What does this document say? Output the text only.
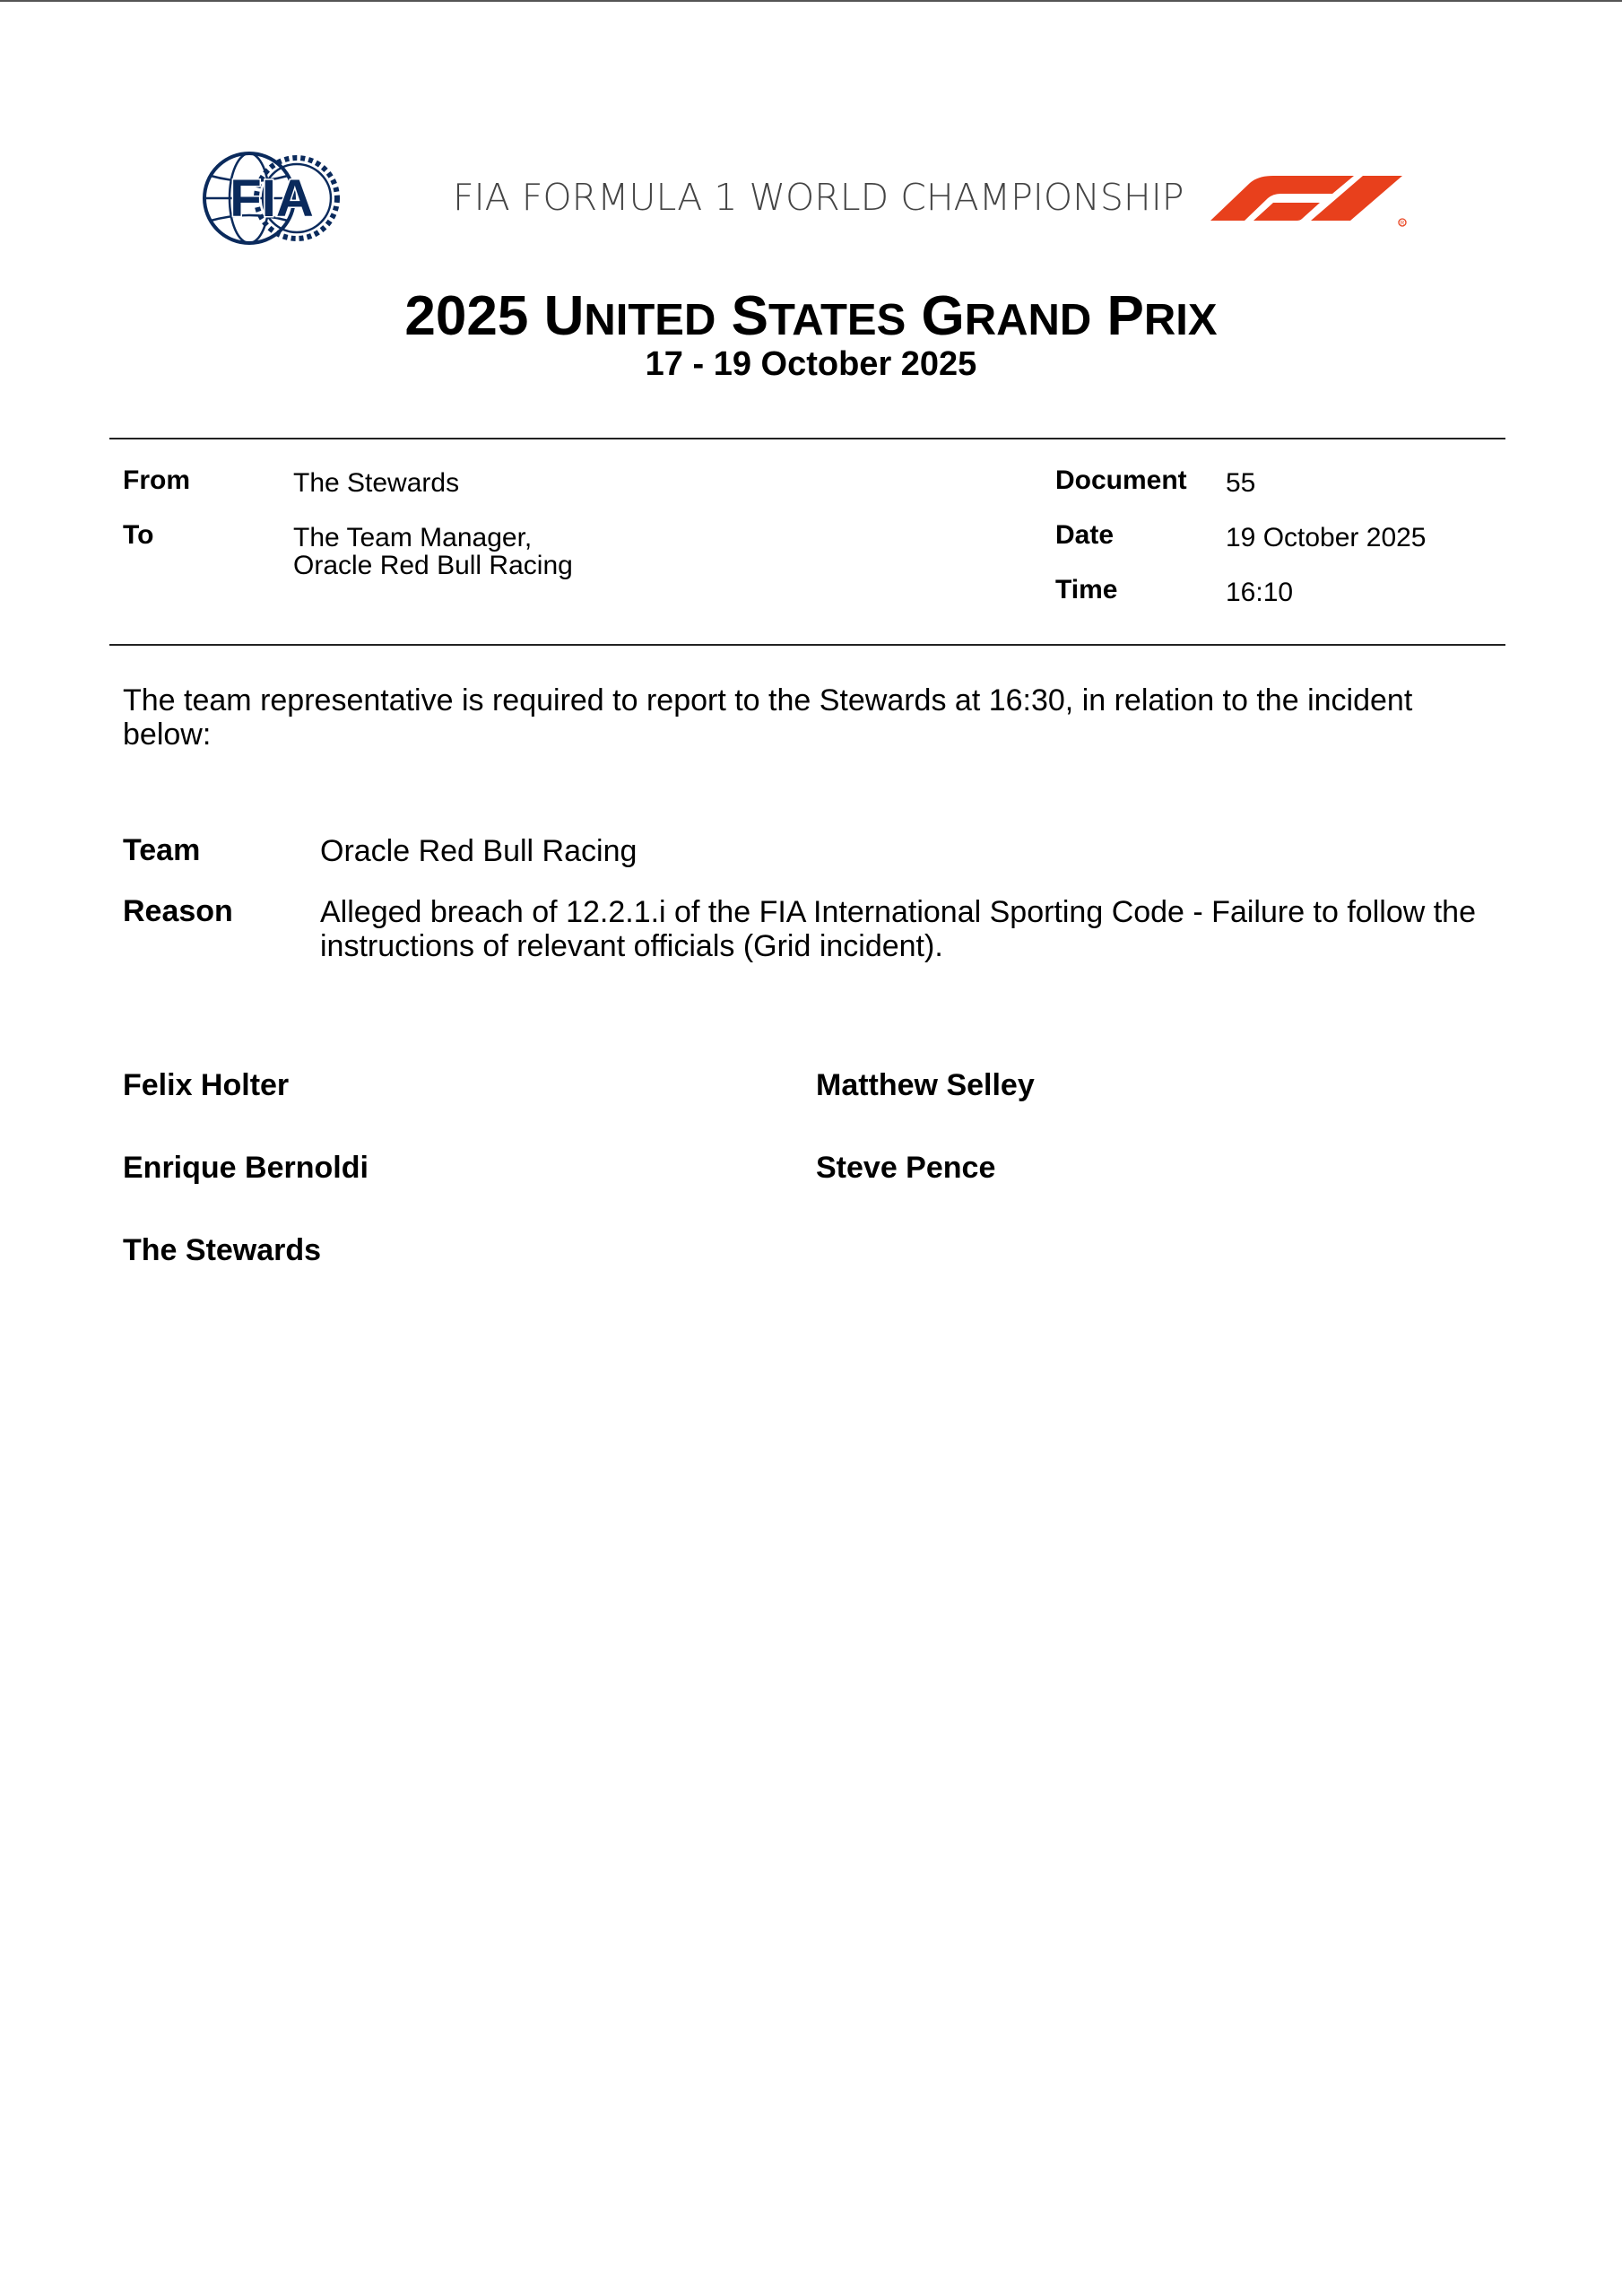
FIA	FIA FORMULA 1 WORLD CHAMPIONSHIP
R
2025 UNITED STATES GRAND PRIX
17 - 19 October 2025
From	The Stewards
To	The Team Manager,
Oracle Red Bull Racing
Document 55
Date	19 October 2025
Time	16:10
The team representative is required to report to the Stewards at 16:30, in relation to the incident below:
Team	Oracle Red Bull Racing
Reason	Alleged breach of 12.2.1.i of the FIA International Sporting Code - Failure to follow the instructions of relevant officials (Grid incident).
Felix Holter	Matthew Selley
Enrique Bernoldi	Steve Pence
The Stewards
